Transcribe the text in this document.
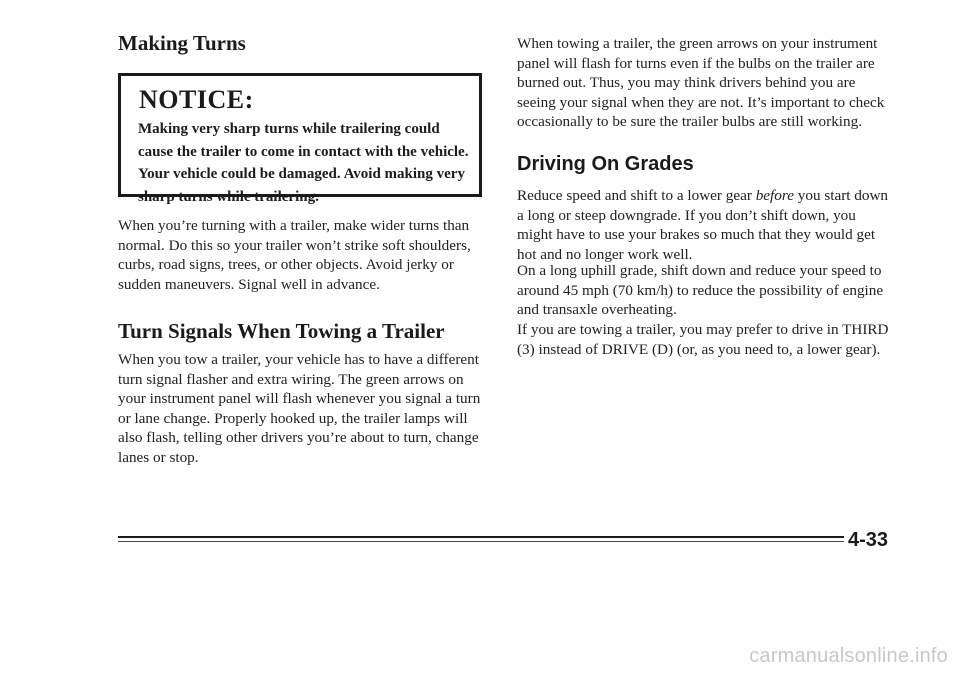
Making Turns
NOTICE:

Making very sharp turns while trailering could cause the trailer to come in contact with the vehicle. Your vehicle could be damaged. Avoid making very sharp turns while trailering.

When you’re turning with a trailer, make wider turns than normal. Do this so your trailer won’t strike soft shoulders, curbs, road signs, trees, or other objects. Avoid jerky or sudden maneuvers. Signal well in advance.

Turn Signals When Towing a Trailer

When you tow a trailer, your vehicle has to have a different turn signal flasher and extra wiring. The green arrows on your instrument panel will flash whenever you signal a turn or lane change. Properly hooked up, the trailer lamps will also flash, telling other drivers you’re about to turn, change lanes or stop.

When towing a trailer, the green arrows on your instrument panel will flash for turns even if the bulbs on the trailer are burned out. Thus, you may think drivers behind you are seeing your signal when they are not. It’s important to check occasionally to be sure the trailer bulbs are still working.

Driving On Grades

Reduce speed and shift to a lower gear before you start down a long or steep downgrade. If you don’t shift down, you might have to use your brakes so much that they would get hot and no longer work well.

On a long uphill grade, shift down and reduce your speed to around 45 mph (70 km/h) to reduce the possibility of engine and transaxle overheating.

If you are towing a trailer, you may prefer to drive in THIRD (3) instead of DRIVE (D) (or, as you need to, a lower gear).

4-33
carmanualsonline.info
